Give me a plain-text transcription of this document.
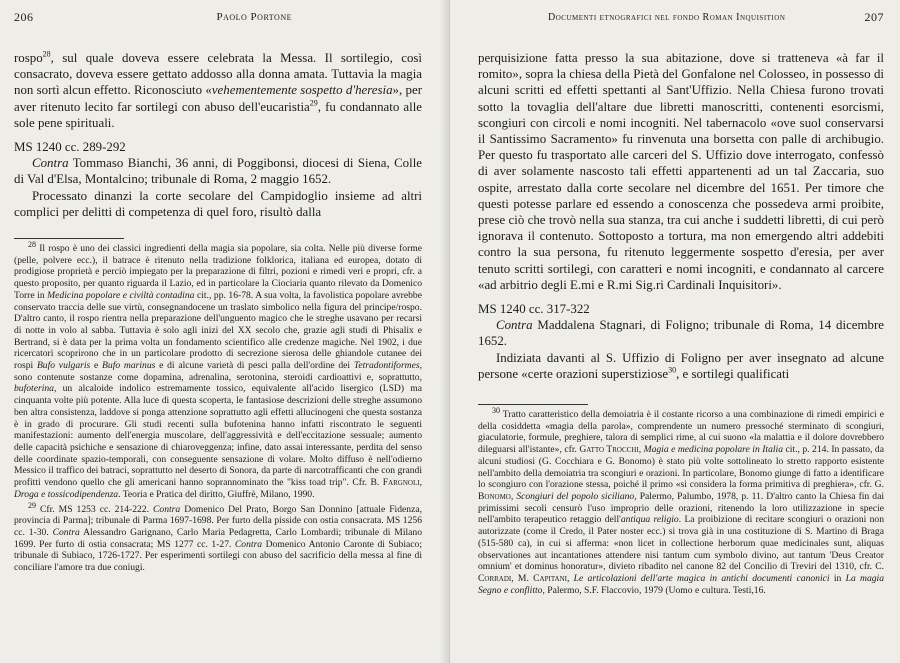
206	Paolo Portone

rospo$^{28}$, sul quale doveva essere celebrata la Messa. Il sortilegio, così consacrato, doveva essere gettato addosso alla donna amata. Tuttavia la magia non sortì alcun effetto. Riconosciuto «vehementemente sospetto d'heresia», per aver ritenuto lecito far sortilegi con abuso dell'eucaristia$^{29}$, fu condannato alle sole pene spirituali.

MS 1240 cc. 289-292

Contra Tommaso Bianchi, 36 anni, di Poggibonsi, diocesi di Siena, Colle di Val d'Elsa, Montalcino; tribunale di Roma, 2 maggio 1652.

Processato dinanzi la corte secolare del Campidoglio insieme ad altri complici per delitti di competenza di quel foro, risultò dalla

$^{28}$ Il rospo è uno dei classici ingredienti della magia sia popolare, sia colta. Nelle più diverse forme (pelle, polvere ecc.), il batrace è ritenuto nella tradizione folklorica, italiana ed europea, dotato di prodigiose proprietà e perciò impiegato per la preparazione di filtri, pozioni e rimedi veri e propri, cfr. a questo proposito, per quanto riguarda il Lazio, ed in particolare la Ciociaria quanto rilevato da Domenico Torre in Medicina popolare e civiltà contadina cit., pp. 16-78. A sua volta, la favolistica popolare avrebbe conservato traccia delle sue virtù, consegnandocene un traslato simbolico nella figura del principe/rospo. D'altro canto, il rospo rientra nella preparazione dell'unguento magico che le streghe usavano per recarsi di notte in volo al sabba. Tuttavia è solo agli inizi del XX secolo che, grazie agli studi di Phisalix e Bertrand, si è data per la prima volta un fondamento scientifico alle credenze magiche. Nel 1902, i due ricercatori scoprirono che in un particolare prodotto di secrezione sierosa delle ghiandole cutanee dei rospi Bufo vulgaris e Bufo marinus e di alcune varietà di pesci palla dell'ordine dei Tetradontiformes, sono contenute sostanze come dopamina, adrenalina, serotonina, steroidi cardioattivi e, soprattutto, bufoterina, un alcaloide indolico estremamente tossico, equivalente all'acido lisergico (LSD) ma cinquanta volte più potente. Alla luce di questa scoperta, le fantasiose descrizioni delle streghe assumono ben altra consistenza, laddove si ponga attenzione soprattutto agli effetti allucinogeni che questa sostanza è in grado di procurare. Gli studi recenti sulla bufotenina hanno infatti riscontrato le seguenti manifestazioni: aumento dell'energia muscolare, dell'aggressività e dell'eccitazione sessuale; aumento delle capacità psichiche e sensazione di chiaroveggenza; infine, dato assai interessante, perdita del senso delle coordinate spazio-temporali, con conseguente sensazione di volare. Molto diffuso è nell'odierno Messico il traffico dei batraci, soprattutto nel deserto di Sonora, da parte di narcotrafficanti che con grandi profitti vendono quello che gli americani hanno soprannominato the "kiss toad trip". Cfr. B. Fargnoli, Droga e tossicodipendenza. Teoria e Pratica del diritto, Giuffrè, Milano, 1990.

$^{29}$ Cfr. MS 1253 cc. 214-222. Contra Domenico Del Prato, Borgo San Donnino [attuale Fidenza, provincia di Parma]; tribunale di Parma 1697-1698. Per furto della pisside con ostia consacrata. MS 1256 cc. 1-30. Contra Alessandro Garignano, Carlo Maria Pedagretta, Carlo Lombardi; tribunale di Milano 1699. Per furto di ostia consacrata; MS 1277 cc. 1-27. Contra Domenico Antonio Caronte di Subiaco; tribunale di Subiaco, 1726-1727. Per esperimenti sortilegi con abuso del sacrificio della messa al fine di conciliare l'amore tra due coniugi.

Documenti etnografici nel fondo Roman Inquisition	207

perquisizione fatta presso la sua abitazione, dove si tratteneva «à far il romito», sopra la chiesa della Pietà del Gonfalone nel Colosseo, in possesso di alcuni scritti ed effetti spettanti al Sant'Uffizio. Nella Chiesa furono trovati sotto la tovaglia dell'altare due libretti manoscritti, contenenti esorcismi, scongiuri con circoli e nomi incogniti. Nel tabernacolo «ove suol conservarsi il Santissimo Sacramento» fu rinvenuta una borsetta con palle di archibugio. Per questo fu trasportato alle carceri del S. Uffizio dove interrogato, confessò di aver solamente nascosto tali effetti appartenenti ad un tal Zaccaria, suo ospite, arrestato dalla corte secolare nel dicembre del 1651. Per timore che questi potesse parlare ed essendo a conoscenza che possedeva armi proibite, prese ciò che trovò nella sua stanza, tra cui anche i suddetti libretti, di cui però ignorava il contenuto. Sottoposto a tortura, ma non emergendo altri addebiti contro la sua persona, fu ritenuto leggermente sospetto d'eresia, per aver tenuto scritti sortilegi, con caratteri e nomi incogniti, e condannato al carcere «ad arbitrio degli E.mi e R.mi Sig.ri Cardinali Inquisitori».

MS 1240 cc. 317-322

Contra Maddalena Stagnari, di Foligno; tribunale di Roma, 14 dicembre 1652.

Indiziata davanti al S. Uffizio di Foligno per aver insegnato ad alcune persone «certe orazioni superstiziose$^{30}$, e sortilegi qualificati

$^{30}$ Tratto caratteristico della demoiatria è il costante ricorso a una combinazione di rimedi empirici e della cosiddetta «magia della parola», comprendente un numero pressoché sterminato di scongiuri, giaculatorie, formule, preghiere, talora di semplici rime, al cui suono «la malattia e il dolore dovrebbero dileguarsi all'istante», cfr. Gatto Trocchi, Magia e medicina popolare in Italia cit., p. 214. In passato, da alcuni studiosi (G. Cocchiara e G. Bonomo) è stato più volte sottolineato lo stretto rapporto esistente nell'ambito della demoiatria tra scongiuri e orazioni. In particolare, Bonomo giunge di fatto a identificare lo scongiuro con l'orazione stessa, poiché il primo «si considera la forma primitiva di preghiera», cfr. G. Bonomo, Scongiuri del popolo siciliano, Palermo, Palumbo, 1978, p. 11. D'altro canto la Chiesa fin dai primissimi secoli censurò l'uso improprio delle orazioni, ritenendo la loro utilizzazione in specie nell'ambito terapeutico retaggio dell'antiqua religio. La proibizione di recitare scongiuri o orazioni non autorizzate (come il Credo, il Pater noster ecc.) si trova già in una costituzione di S. Martino di Braga (515-580 ca), in cui si afferma: «non licet in collectione herborum quae medicinales sunt, aliquas observationes aut incantationes attendere nisi tantum cum symbolo divino, aut tantum 'Deus Creator omnium' et dominus honoratur», divieto ribadito nel canone 82 del Concilio di Treviri del 1310, cfr. C. Corradi, M. Capitani, Le articolazioni dell'arte magica in antichi documenti canonici in La magia Segno e conflitto, Palermo, S.F. Flaccovio, 1979 (Uomo e cultura. Testi,16.
